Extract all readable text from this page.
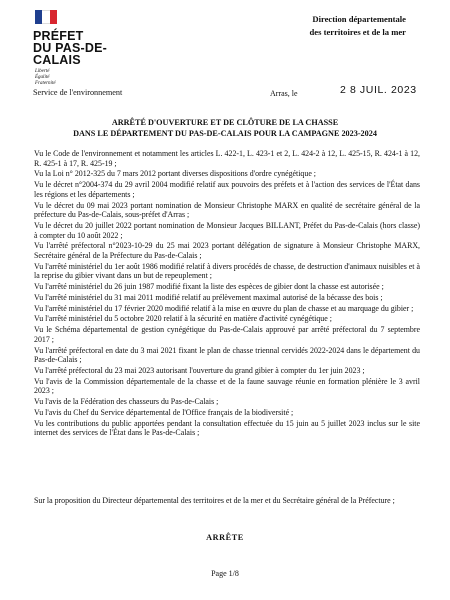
PRÉFET
DU PAS-DE-CALAIS
Liberté
Égalité
Fraternité
Service de l'environnement
Direction départementale
des territoires et de la mer
Arras, le	2 8 JUIL. 2023
ARRÊTÉ D'OUVERTURE ET DE CLÔTURE DE LA CHASSE
DANS LE DÉPARTEMENT DU PAS-DE-CALAIS POUR LA CAMPAGNE 2023-2024

Vu le Code de l'environnement et notamment les articles L. 422-1, L. 423-1 et 2, L. 424-2 à 12, L. 425-15, R. 424-1 à 12, R. 425-1 à 17, R. 425-19 ;

Vu la Loi n° 2012-325 du 7 mars 2012 portant diverses dispositions d'ordre cynégétique ;

Vu le décret n°2004-374 du 29 avril 2004 modifié relatif aux pouvoirs des préfets et à l'action des services de l'État dans les régions et les départements ;

Vu le décret du 09 mai 2023 portant nomination de Monsieur Christophe MARX en qualité de secrétaire général de la préfecture du Pas-de-Calais, sous-préfet d'Arras ;

Vu le décret du 20 juillet 2022 portant nomination de Monsieur Jacques BILLANT, Préfet du Pas-de-Calais (hors classe) à compter du 10 août 2022 ;

Vu l'arrêté préfectoral n°2023-10-29 du 25 mai 2023 portant délégation de signature à Monsieur Christophe MARX, Secrétaire général de la Préfecture du Pas-de-Calais ;

Vu l'arrêté ministériel du 1er août 1986 modifié relatif à divers procédés de chasse, de destruction d'animaux nuisibles et à la reprise du gibier vivant dans un but de repeuplement ;

Vu l'arrêté ministériel du 26 juin 1987 modifié fixant la liste des espèces de gibier dont la chasse est autorisée ;

Vu l'arrêté ministériel du 31 mai 2011 modifié relatif au prélèvement maximal autorisé de la bécasse des bois ;

Vu l'arrêté ministériel du 17 février 2020 modifié relatif à la mise en œuvre du plan de chasse et au marquage du gibier ;

Vu l'arrêté ministériel du 5 octobre 2020 relatif à la sécurité en matière d'activité cynégétique ;

Vu le Schéma départemental de gestion cynégétique du Pas-de-Calais approuvé par arrêté préfectoral du 7 septembre 2017 ;

Vu l'arrêté préfectoral en date du 3 mai 2021 fixant le plan de chasse triennal cervidés 2022-2024 dans le département du Pas-de-Calais ;

Vu l'arrêté préfectoral du 23 mai 2023 autorisant l'ouverture du grand gibier à compter du 1er juin 2023 ;

Vu l'avis de la Commission départementale de la chasse et de la faune sauvage réunie en formation plénière le 3 avril 2023 ;

Vu l'avis de la Fédération des chasseurs du Pas-de-Calais ;

Vu l'avis du Chef du Service départemental de l'Office français de la biodiversité ;

Vu les contributions du public apportées pendant la consultation effectuée du 15 juin au 5 juillet 2023 inclus sur le site internet des services de l'État dans le Pas-de-Calais ;

Sur la proposition du Directeur départemental des territoires et de la mer et du Secrétaire général de la Préfecture ;
ARRÊTE
Page 1/8
